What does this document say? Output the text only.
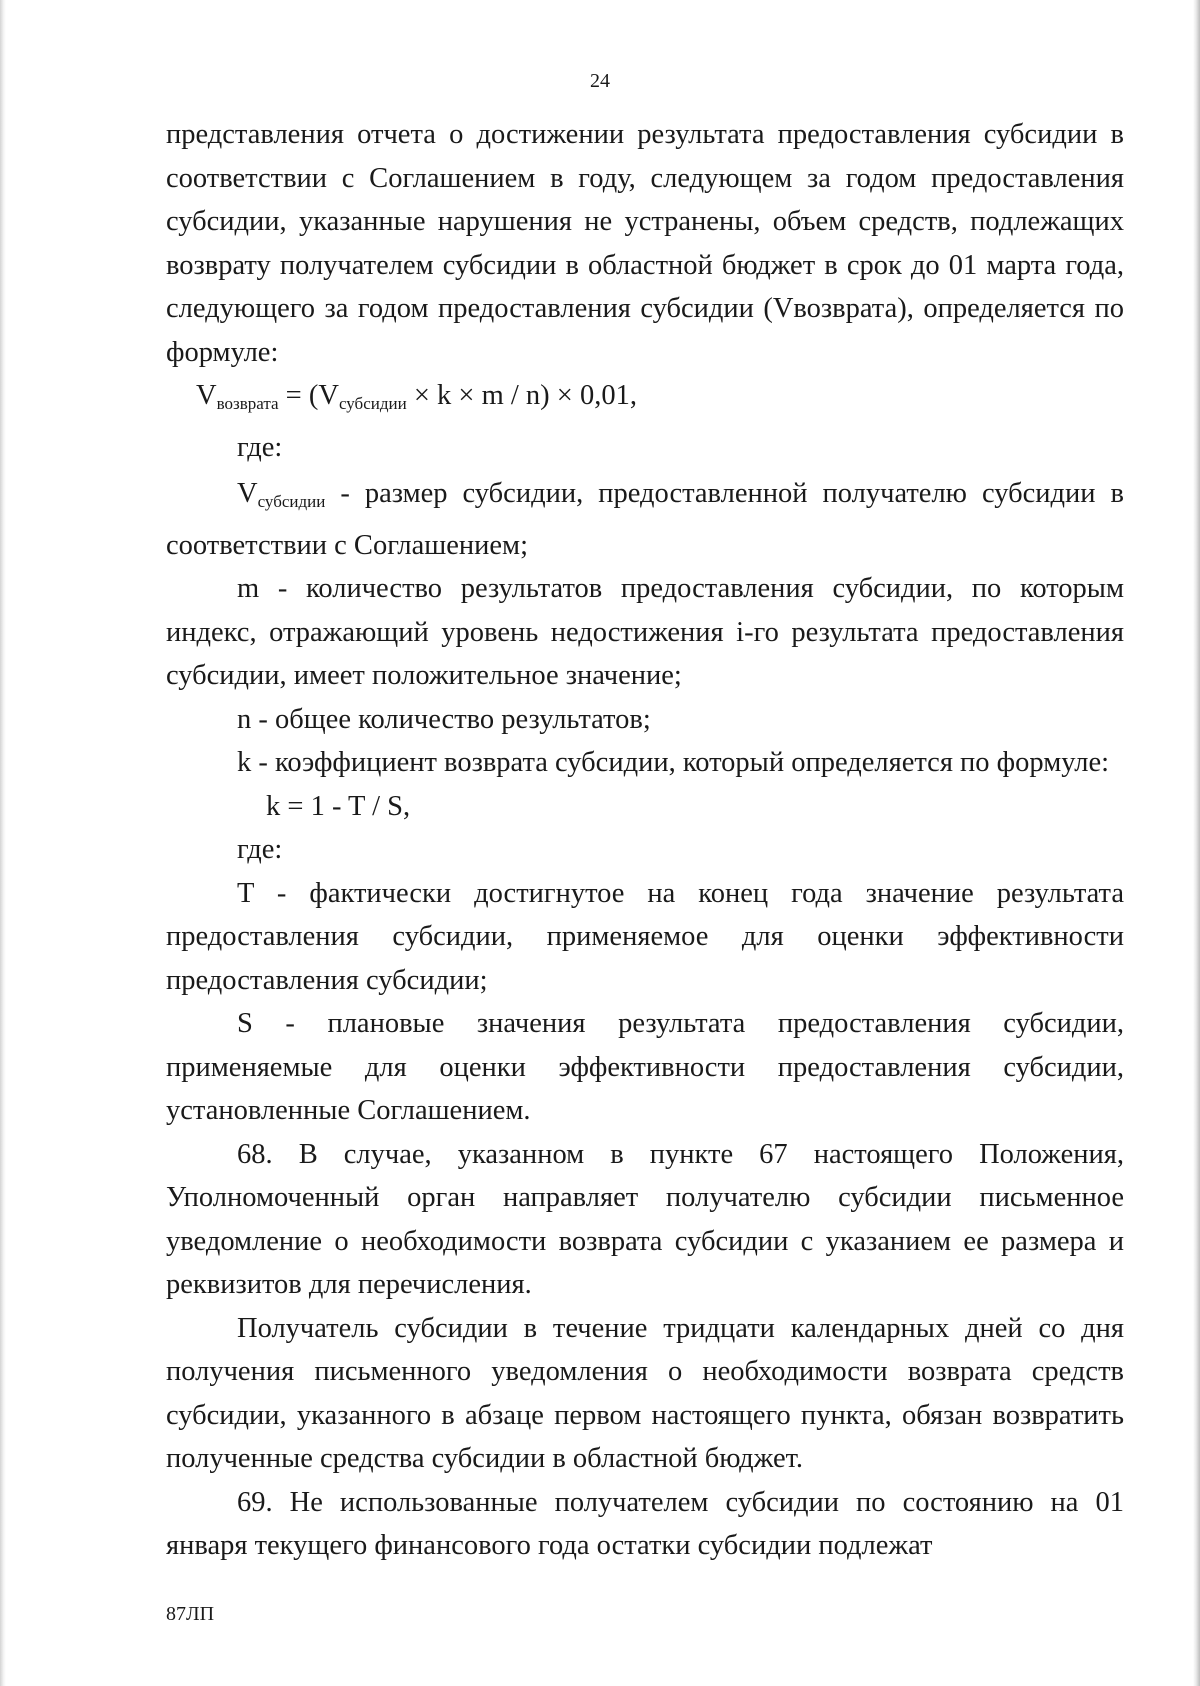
24

представления отчета о достижении результата предоставления субсидии в соответствии с Соглашением в году, следующем за годом предоставления субсидии, указанные нарушения не устранены, объем средств, подлежащих возврату получателем субсидии в областной бюджет в срок до 01 марта года, следующего за годом предоставления субсидии (Vвозврата), определяется по формуле:

$V_{возврата} = (V_{субсидии} \times k \times m / n) \times 0,01$,

где:

$V_{субсидии}$ - размер субсидии, предоставленной получателю субсидии в соответствии с Соглашением;

m - количество результатов предоставления субсидии, по которым индекс, отражающий уровень недостижения i-го результата предоставления субсидии, имеет положительное значение;

n - общее количество результатов;

k - коэффициент возврата субсидии, который определяется по формуле:

k = 1 - T / S,

где:

T - фактически достигнутое на конец года значение результата предоставления субсидии, применяемое для оценки эффективности предоставления субсидии;

S - плановые значения результата предоставления субсидии, применяемые для оценки эффективности предоставления субсидии, установленные Соглашением.

68. В случае, указанном в пункте 67 настоящего Положения, Уполномоченный орган направляет получателю субсидии письменное уведомление о необходимости возврата субсидии с указанием ее размера и реквизитов для перечисления.

Получатель субсидии в течение тридцати календарных дней со дня получения письменного уведомления о необходимости возврата средств субсидии, указанного в абзаце первом настоящего пункта, обязан возвратить полученные средства субсидии в областной бюджет.

69. Не использованные получателем субсидии по состоянию на 01 января текущего финансового года остатки субсидии подлежат

87ЛП
